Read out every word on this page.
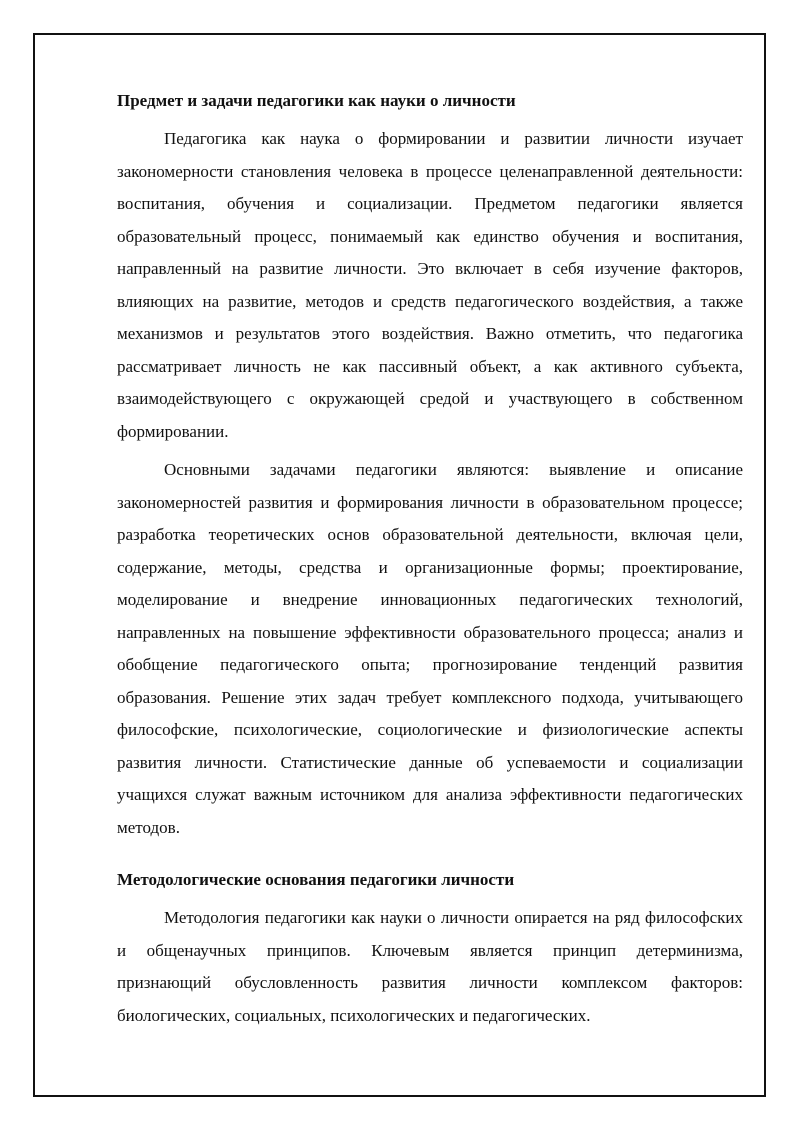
Предмет и задачи педагогики как науки о личности

Педагогика как наука о формировании и развитии личности изучает закономерности становления человека в процессе целенаправленной деятельности: воспитания, обучения и социализации. Предметом педагогики является образовательный процесс, понимаемый как единство обучения и воспитания, направленный на развитие личности. Это включает в себя изучение факторов, влияющих на развитие, методов и средств педагогического воздействия, а также механизмов и результатов этого воздействия. Важно отметить, что педагогика рассматривает личность не как пассивный объект, а как активного субъекта, взаимодействующего с окружающей средой и участвующего в собственном формировании.

Основными задачами педагогики являются: выявление и описание закономерностей развития и формирования личности в образовательном процессе; разработка теоретических основ образовательной деятельности, включая цели, содержание, методы, средства и организационные формы; проектирование, моделирование и внедрение инновационных педагогических технологий, направленных на повышение эффективности образовательного процесса; анализ и обобщение педагогического опыта; прогнозирование тенденций развития образования. Решение этих задач требует комплексного подхода, учитывающего философские, психологические, социологические и физиологические аспекты развития личности. Статистические данные об успеваемости и социализации учащихся служат важным источником для анализа эффективности педагогических методов.

Методологические основания педагогики личности

Методология педагогики как науки о личности опирается на ряд философских и общенаучных принципов. Ключевым является принцип детерминизма, признающий обусловленность развития личности комплексом факторов: биологических, социальных, психологических и педагогических.
